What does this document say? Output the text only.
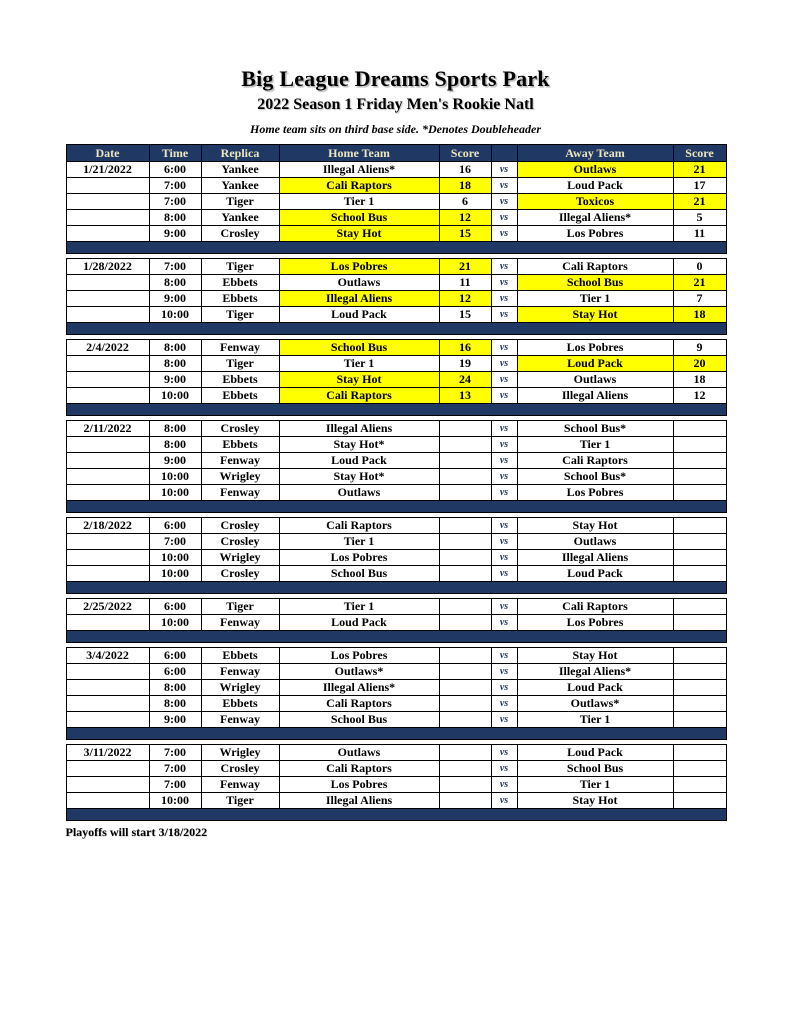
Big League Dreams Sports Park
2022 Season 1 Friday Men's Rookie Natl
Home team sits on third base side. *Denotes Doubleheader
Date	Time	Replica	Home Team	Score		Away Team	Score
1/21/2022	6:00	Yankee	Illegal Aliens*	16	vs	Outlaws	21
	7:00	Yankee	Cali Raptors	18	vs	Loud Pack	17
	7:00	Tiger	Tier 1	6	vs	Toxicos	21
	8:00	Yankee	School Bus	12	vs	Illegal Aliens*	5
	9:00	Crosley	Stay Hot	15	vs	Los Pobres	11

1/28/2022	7:00	Tiger	Los Pobres	21	vs	Cali Raptors	0
	8:00	Ebbets	Outlaws	11	vs	School Bus	21
	9:00	Ebbets	Illegal Aliens	12	vs	Tier 1	7
	10:00	Tiger	Loud Pack	15	vs	Stay Hot	18

2/4/2022	8:00	Fenway	School Bus	16	vs	Los Pobres	9
	8:00	Tiger	Tier 1	19	vs	Loud Pack	20
	9:00	Ebbets	Stay Hot	24	vs	Outlaws	18
	10:00	Ebbets	Cali Raptors	13	vs	Illegal Aliens	12

2/11/2022	8:00	Crosley	Illegal Aliens		vs	School Bus*	
	8:00	Ebbets	Stay Hot*		vs	Tier 1	
	9:00	Fenway	Loud Pack		vs	Cali Raptors	
	10:00	Wrigley	Stay Hot*		vs	School Bus*	
	10:00	Fenway	Outlaws		vs	Los Pobres	

2/18/2022	6:00	Crosley	Cali Raptors		vs	Stay Hot	
	7:00	Crosley	Tier 1		vs	Outlaws	
	10:00	Wrigley	Los Pobres		vs	Illegal Aliens	
	10:00	Crosley	School Bus		vs	Loud Pack	

2/25/2022	6:00	Tiger	Tier 1		vs	Cali Raptors	
	10:00	Fenway	Loud Pack		vs	Los Pobres	

3/4/2022	6:00	Ebbets	Los Pobres		vs	Stay Hot	
	6:00	Fenway	Outlaws*		vs	Illegal Aliens*	
	8:00	Wrigley	Illegal Aliens*		vs	Loud Pack	
	8:00	Ebbets	Cali Raptors		vs	Outlaws*	
	9:00	Fenway	School Bus		vs	Tier 1	

3/11/2022	7:00	Wrigley	Outlaws		vs	Loud Pack	
	7:00	Crosley	Cali Raptors		vs	School Bus	
	7:00	Fenway	Los Pobres		vs	Tier 1	
	10:00	Tiger	Illegal Aliens		vs	Stay Hot	

Playoffs will start 3/18/2022
